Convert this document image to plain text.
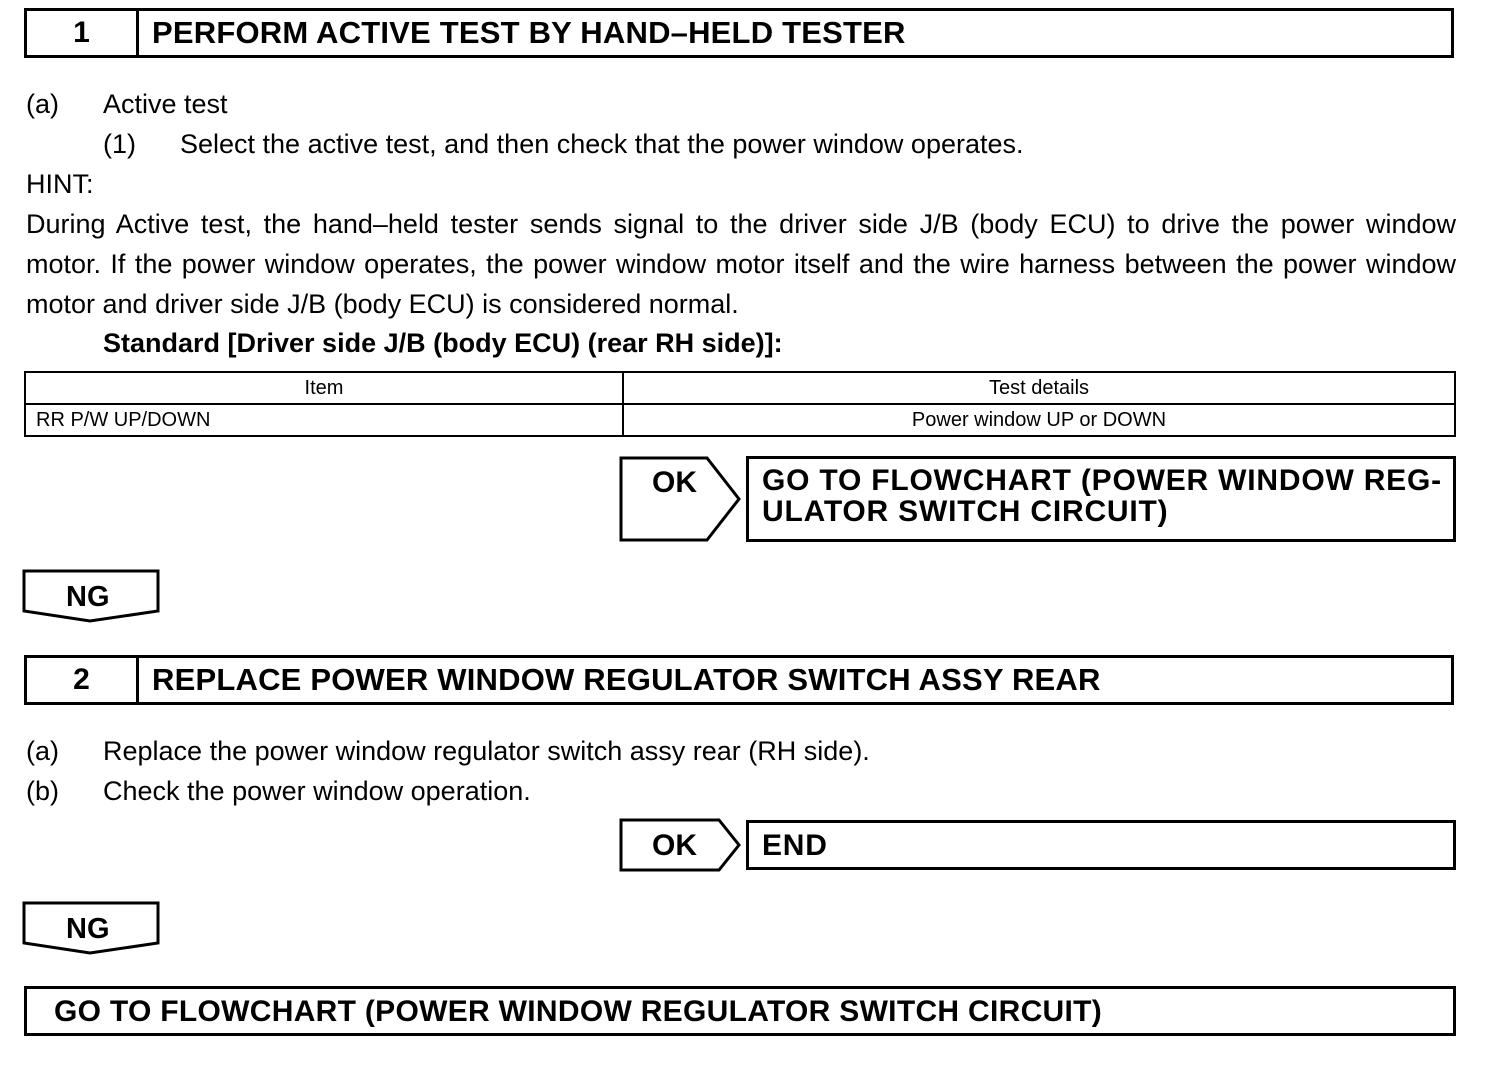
1	PERFORM ACTIVE TEST BY HAND–HELD TESTER
(a) Active test
(1) Select the active test, and then check that the power window operates.
HINT:
During Active test, the hand–held tester sends signal to the driver side J/B (body ECU) to drive the power window motor. If the power window operates, the power window motor itself and the wire harness between the power window motor and driver side J/B (body ECU) is considered normal.
Standard [Driver side J/B (body ECU) (rear RH side)]:
Item	Test details
RR P/W UP/DOWN	Power window UP or DOWN
OK GO TO FLOWCHART (POWER WINDOW REG-
ULATOR SWITCH CIRCUIT)
NG
2	REPLACE POWER WINDOW REGULATOR SWITCH ASSY REAR
(a) Replace the power window regulator switch assy rear (RH side).
(b) Check the power window operation.
OK END
NG
GO TO FLOWCHART (POWER WINDOW REGULATOR SWITCH CIRCUIT)
